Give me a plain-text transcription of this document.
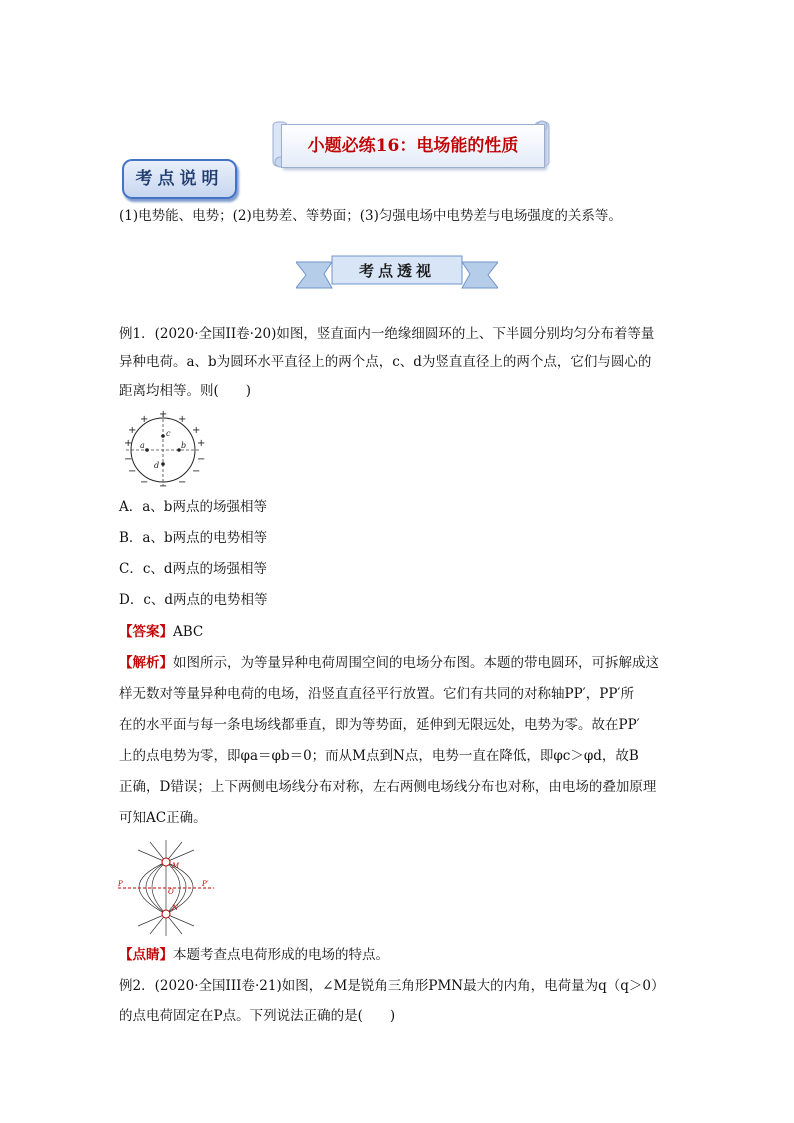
小题必练16：电场能的性质
考点说明
(1)电势能、电势；(2)电势差、等势面；(3)匀强电场中电势差与电场强度的关系等。
考点透视
例1．(2020·全国II卷·20)如图，竖直面内一绝缘细圆环的上、下半圆分别均匀分布着等量
异种电荷。a、b为圆环水平直径上的两个点，c、d为竖直直径上的两个点，它们与圆心的
距离均相等。则(　　)
a	b
c
d
+
+	+
+	+
+	+
−	−
−	−
−	−
−
A．a、b两点的场强相等
B．a、b两点的电势相等
C．c、d两点的场强相等
D．c、d两点的电势相等
【答案】ABC
【解析】如图所示，为等量异种电荷周围空间的电场分布图。本题的带电圆环，可拆解成这
样无数对等量异种电荷的电场，沿竖直直径平行放置。它们有共同的对称轴PP′，PP′所
在的水平面与每一条电场线都垂直，即为等势面，延伸到无限远处，电势为零。故在PP′
上的点电势为零，即φa＝φb＝0；而从M点到N点，电势一直在降低，即φc＞φd，故B
正确，D错误；上下两侧电场线分布对称，左右两侧电场线分布也对称，由电场的叠加原理
可知AC正确。
P	P′
M
N
O
【点睛】本题考查点电荷形成的电场的特点。
例2．(2020·全国III卷·21)如图，∠M是锐角三角形PMN最大的内角，电荷量为q（q＞0）
的点电荷固定在P点。下列说法正确的是(　　)
